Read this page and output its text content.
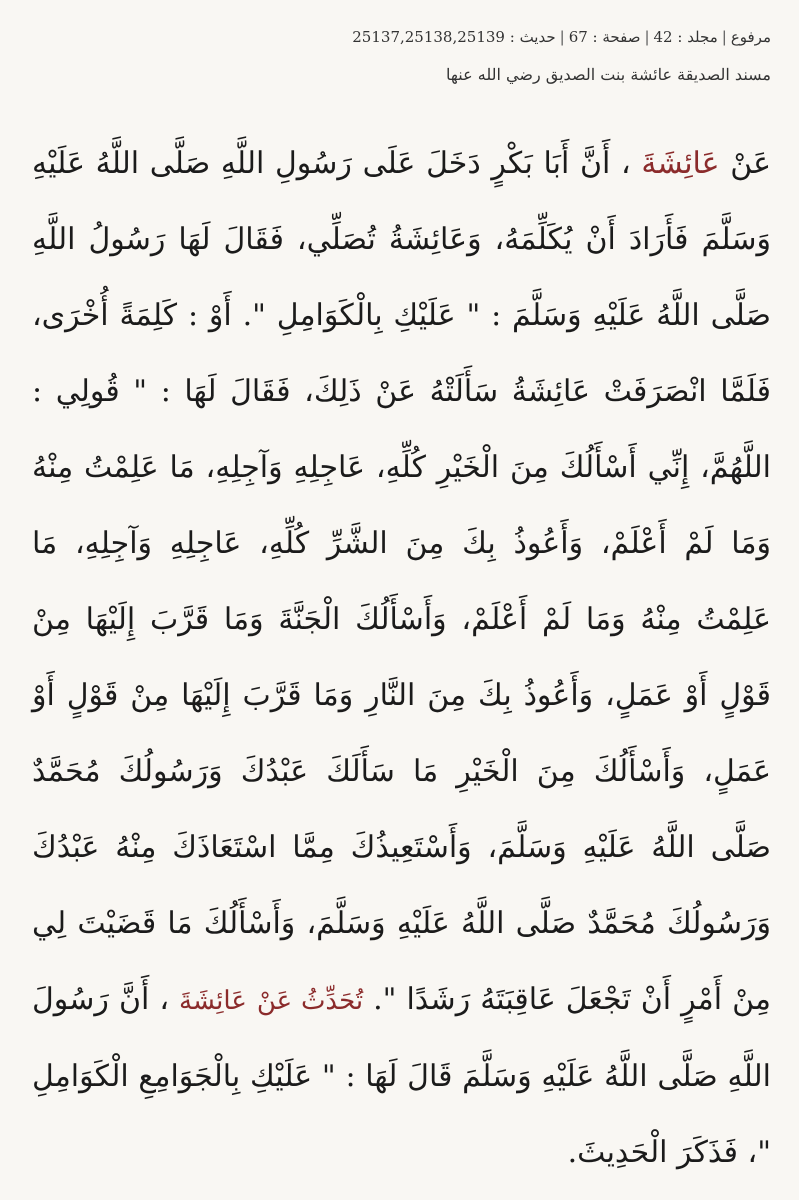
مرفوع|مجلد : 42|صفحة : 67|حديث : 25137,25138,25139
مسند الصديقة عائشة بنت الصديق رضي الله عنها
عَنْ عَائِشَةَ ، أَنَّ أَبَا بَكْرٍ دَخَلَ عَلَى رَسُولِ اللَّهِ صَلَّى اللَّهُ عَلَيْهِ وَسَلَّمَ فَأَرَادَ أَنْ يُكَلِّمَهُ، وَعَائِشَةُ تُصَلِّي، فَقَالَ لَهَا رَسُولُ اللَّهِ صَلَّى اللَّهُ عَلَيْهِ وَسَلَّمَ : " عَلَيْكِ بِالْكَوَامِلِ ". أَوْ : كَلِمَةً أُخْرَى، فَلَمَّا انْصَرَفَتْ عَائِشَةُ سَأَلَتْهُ عَنْ ذَلِكَ، فَقَالَ لَهَا : " قُولِي : اللَّهُمَّ، إِنِّي أَسْأَلُكَ مِنَ الْخَيْرِ كُلِّهِ، عَاجِلِهِ وَآجِلِهِ، مَا عَلِمْتُ مِنْهُ وَمَا لَمْ أَعْلَمْ، وَأَعُوذُ بِكَ مِنَ الشَّرِّ كُلِّهِ، عَاجِلِهِ وَآجِلِهِ، مَا عَلِمْتُ مِنْهُ وَمَا لَمْ أَعْلَمْ، وَأَسْأَلُكَ الْجَنَّةَ وَمَا قَرَّبَ إِلَيْهَا مِنْ قَوْلٍ أَوْ عَمَلٍ، وَأَعُوذُ بِكَ مِنَ النَّارِ وَمَا قَرَّبَ إِلَيْهَا مِنْ قَوْلٍ أَوْ عَمَلٍ، وَأَسْأَلُكَ مِنَ الْخَيْرِ مَا سَأَلَكَ عَبْدُكَ وَرَسُولُكَ مُحَمَّدٌ صَلَّى اللَّهُ عَلَيْهِ وَسَلَّمَ، وَأَسْتَعِيذُكَ مِمَّا اسْتَعَاذَكَ مِنْهُ عَبْدُكَ وَرَسُولُكَ مُحَمَّدٌ صَلَّى اللَّهُ عَلَيْهِ وَسَلَّمَ، وَأَسْأَلُكَ مَا قَضَيْتَ لِي مِنْ أَمْرٍ أَنْ تَجْعَلَ عَاقِبَتَهُ رَشَدًا ". تُحَدِّثُ عَنْ عَائِشَةَ ، أَنَّ رَسُولَ اللَّهِ صَلَّى اللَّهُ عَلَيْهِ وَسَلَّمَ قَالَ لَهَا : " عَلَيْكِ بِالْجَوَامِعِ الْكَوَامِلِ "، فَذَكَرَ الْحَدِيثَ.
